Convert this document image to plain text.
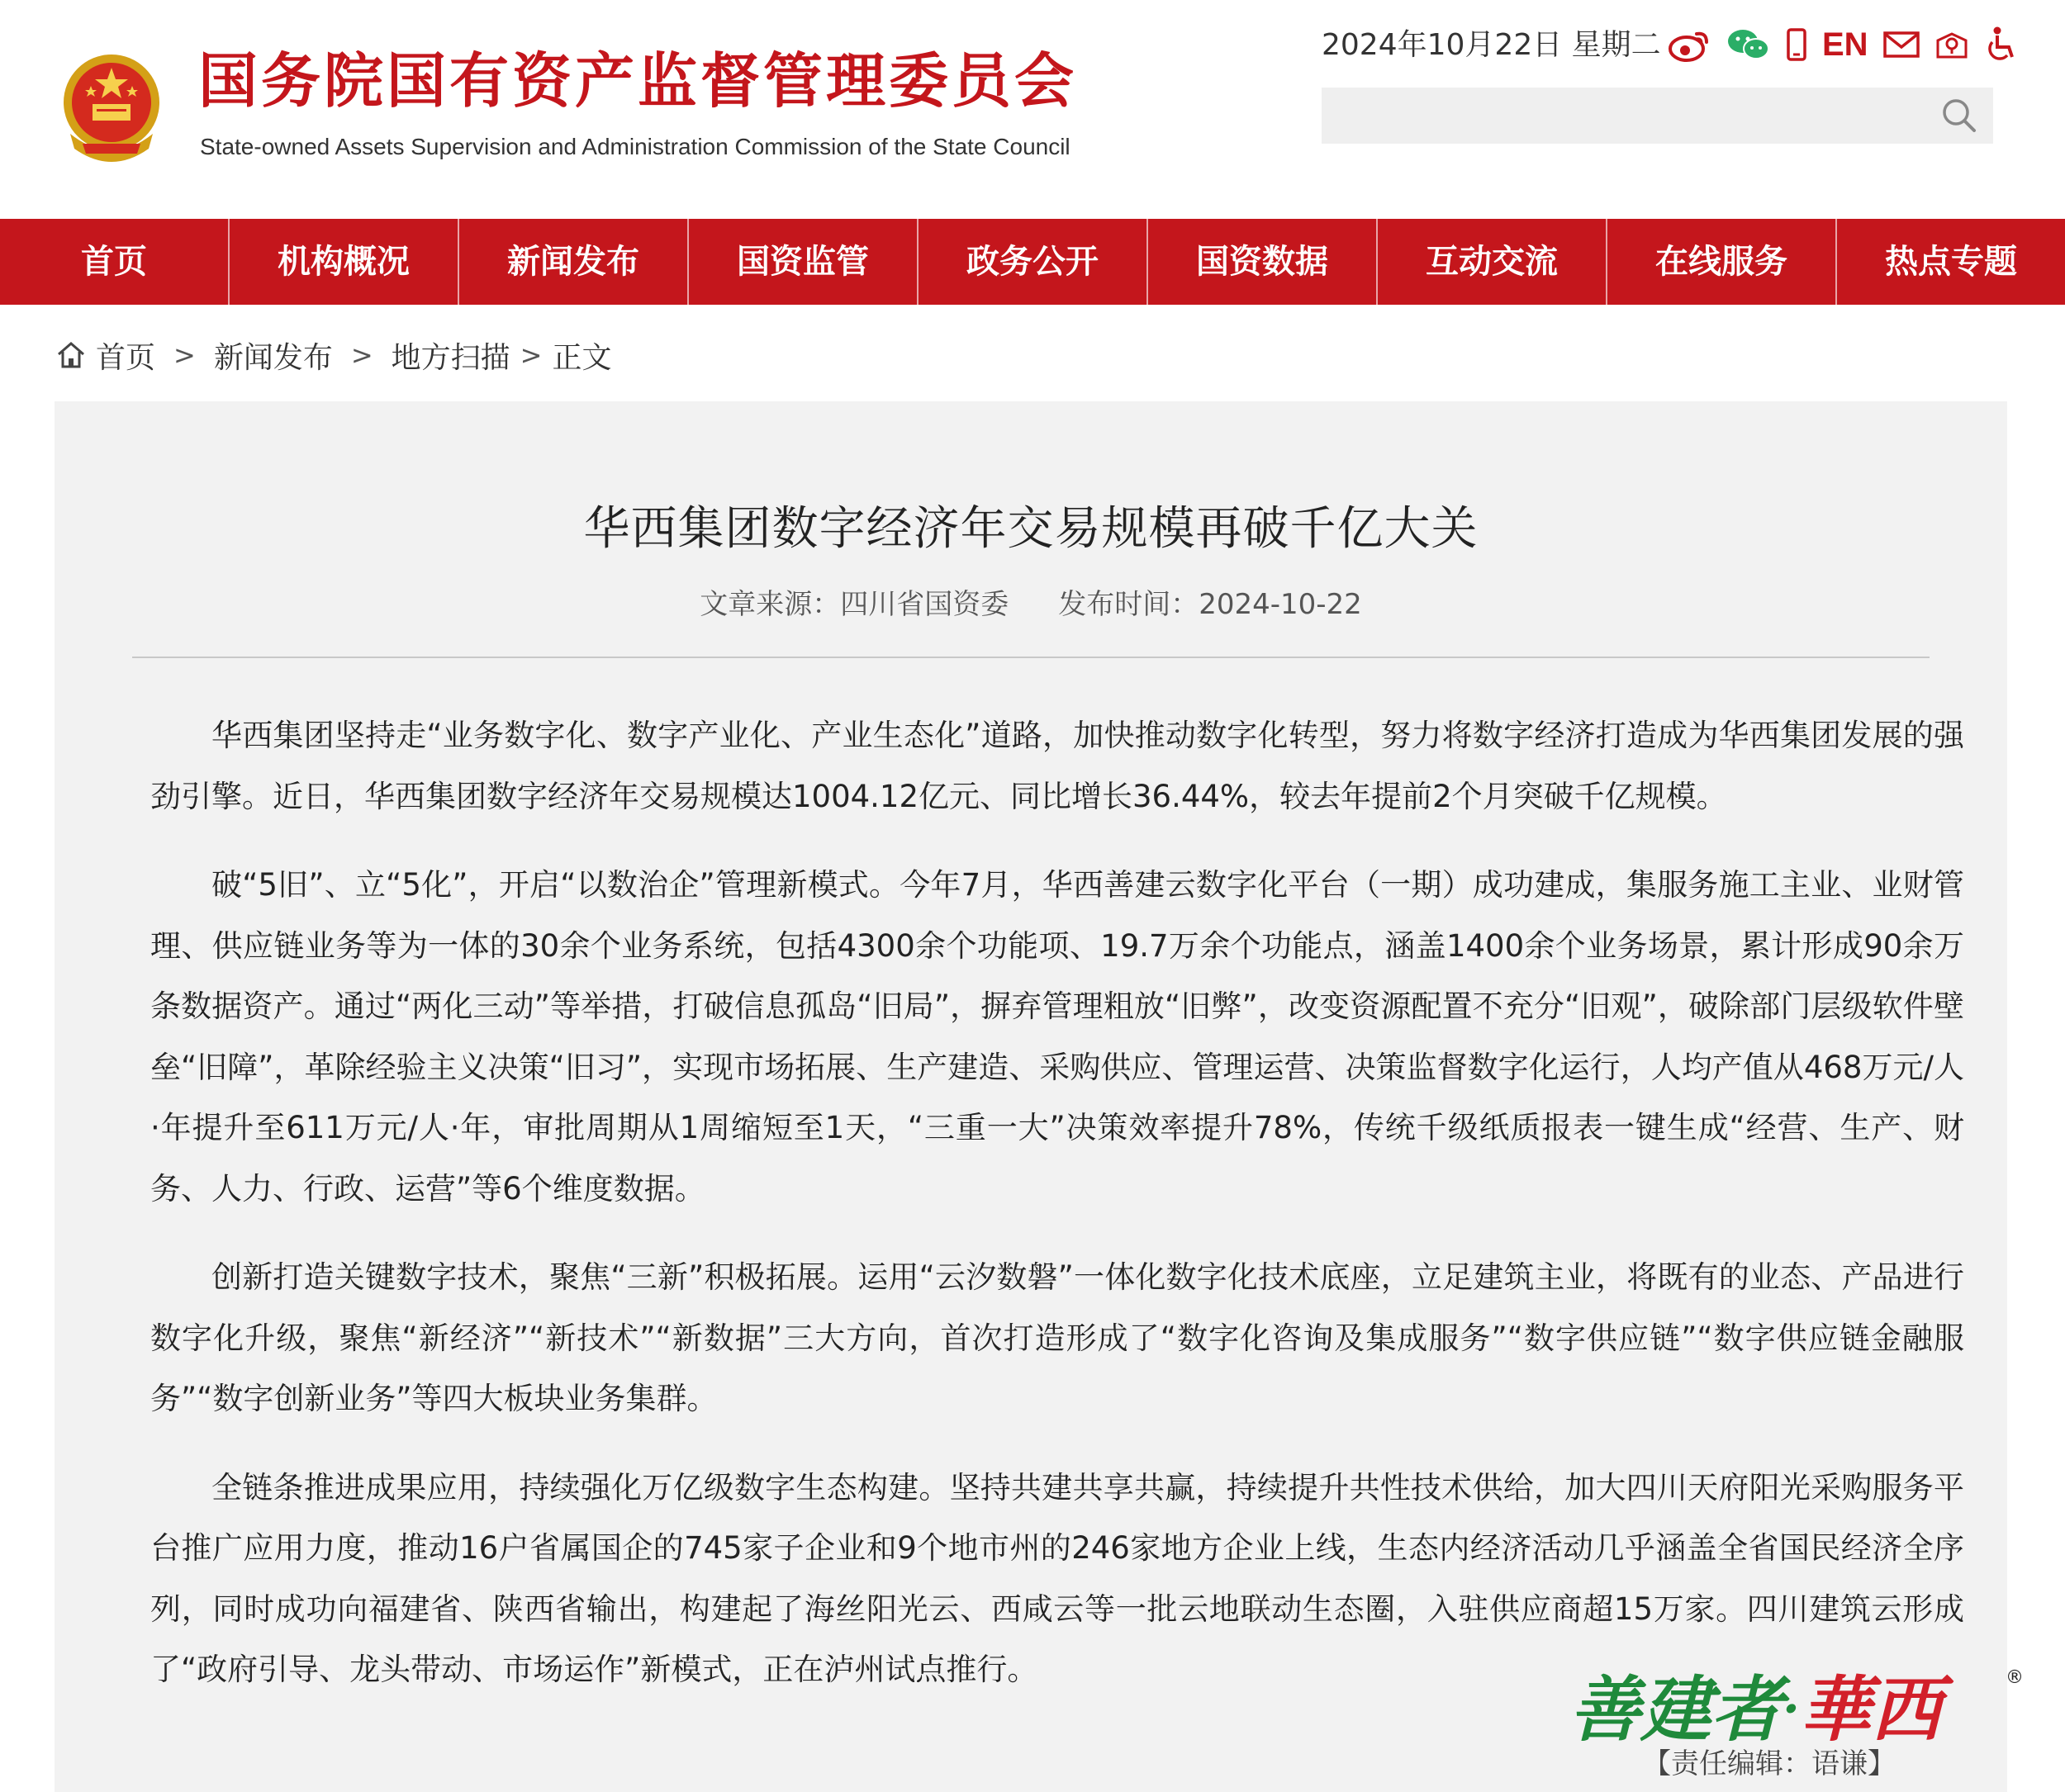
国务院国有资产监督管理委员会
State-owned Assets Supervision and Administration Commission of the State Council
2024年10月22日 星期二	EN
首页	机构概况	新闻发布	国资监管	政务公开	国资数据	互动交流	在线服务	热点专题
首页 > 新闻发布 > 地方扫描 > 正文
华西集团数字经济年交易规模再破千亿大关
文章来源：四川省国资委 发布时间：2024-10-22

华西集团坚持走“业务数字化、数字产业化、产业生态化”道路，加快推动数字化转型，努力将数字经济打造成为华西集团发展的强劲引擎。近日，华西集团数字经济年交易规模达1004.12亿元、同比增长36.44%，较去年提前2个月突破千亿规模。

破“5旧”、立“5化”，开启“以数治企”管理新模式。今年7月，华西善建云数字化平台（一期）成功建成，集服务施工主业、业财管理、供应链业务等为一体的30余个业务系统，包括4300余个功能项、19.7万余个功能点，涵盖1400余个业务场景，累计形成90余万条数据资产。通过“两化三动”等举措，打破信息孤岛“旧局”，摒弃管理粗放“旧弊”，改变资源配置不充分“旧观”，破除部门层级软件壁垒“旧障”，革除经验主义决策“旧习”，实现市场拓展、生产建造、采购供应、管理运营、决策监督数字化运行，人均产值从468万元/人·年提升至611万元/人·年，审批周期从1周缩短至1天，“三重一大”决策效率提升78%，传统千级纸质报表一键生成“经营、生产、财务、人力、行政、运营”等6个维度数据。

创新打造关键数字技术，聚焦“三新”积极拓展。运用“云汐数磐”一体化数字化技术底座，立足建筑主业，将既有的业态、产品进行数字化升级，聚焦“新经济”“新技术”“新数据”三大方向，首次打造形成了“数字化咨询及集成服务”“数字供应链”“数字供应链金融服务”“数字创新业务”等四大板块业务集群。

全链条推进成果应用，持续强化万亿级数字生态构建。坚持共建共享共赢，持续提升共性技术供给，加大四川天府阳光采购服务平台推广应用力度，推动16户省属国企的745家子企业和9个地市州的246家地方企业上线，生态内经济活动几乎涵盖全省国民经济全序列，同时成功向福建省、陕西省输出，构建起了海丝阳光云、西咸云等一批云地联动生态圈，入驻供应商超15万家。四川建筑云形成了“政府引导、龙头带动、市场运作”新模式，正在泸州试点推行。

【责任编辑：语谦】
善建者·華西	®
